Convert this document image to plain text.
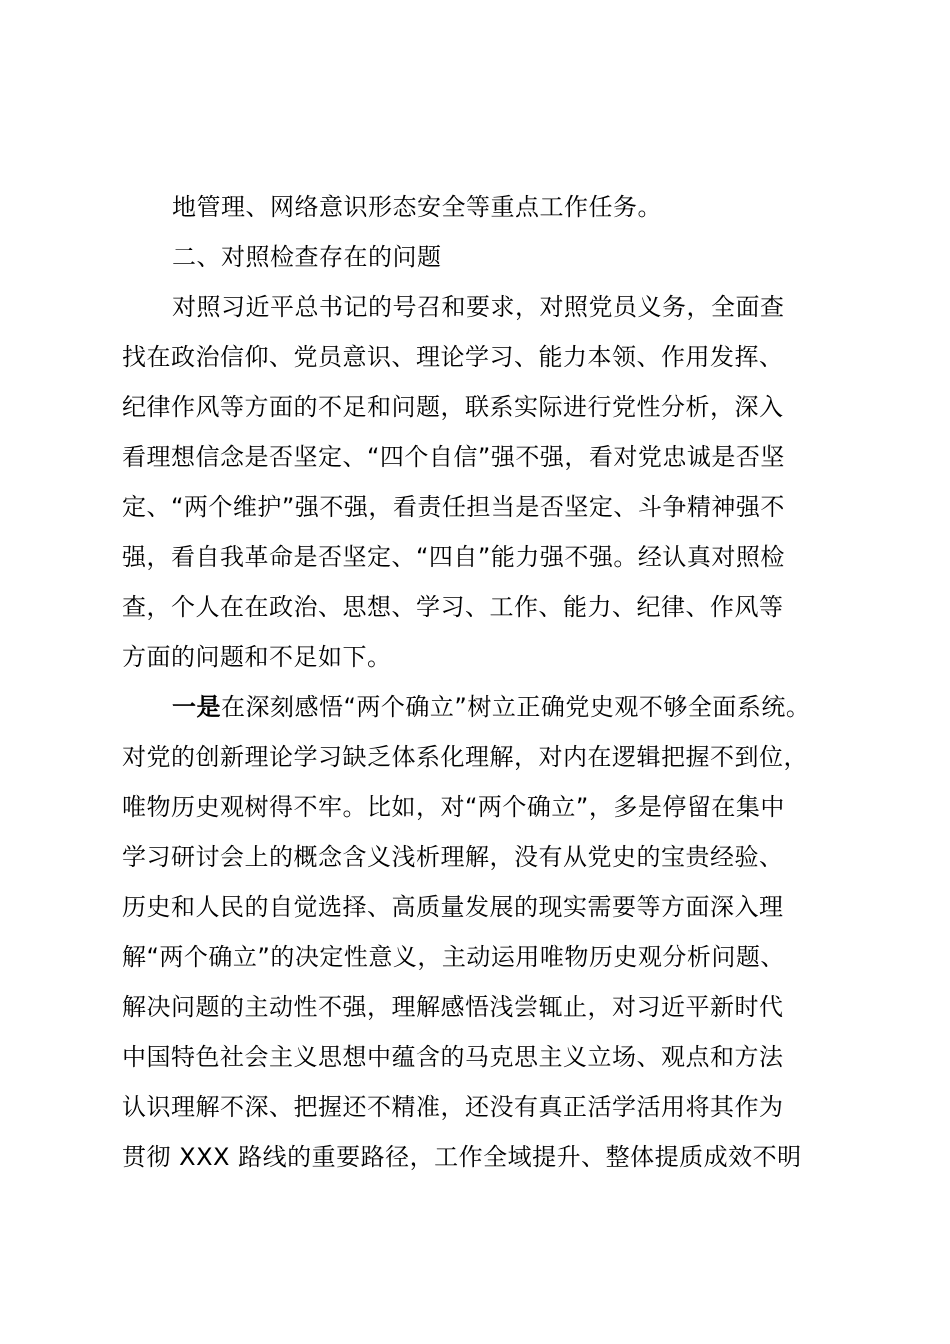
地管理、网络意识形态安全等重点工作任务。
二、对照检查存在的问题
对照习近平总书记的号召和要求，对照党员义务，全面查
找在政治信仰、党员意识、理论学习、能力本领、作用发挥、
纪律作风等方面的不足和问题，联系实际进行党性分析，深入
看理想信念是否坚定、“四个自信”强不强，看对党忠诚是否坚
定、“两个维护”强不强，看责任担当是否坚定、斗争精神强不
强，看自我革命是否坚定、“四自”能力强不强。经认真对照检
查，个人在在政治、思想、学习、工作、能力、纪律、作风等
方面的问题和不足如下。
一是在深刻感悟“两个确立”树立正确党史观不够全面系统。
对党的创新理论学习缺乏体系化理解，对内在逻辑把握不到位，
唯物历史观树得不牢。比如，对“两个确立”，多是停留在集中
学习研讨会上的概念含义浅析理解，没有从党史的宝贵经验、
历史和人民的自觉选择、高质量发展的现实需要等方面深入理
解“两个确立”的决定性意义，主动运用唯物历史观分析问题、
解决问题的主动性不强，理解感悟浅尝辄止，对习近平新时代
中国特色社会主义思想中蕴含的马克思主义立场、观点和方法
认识理解不深、把握还不精准，还没有真正活学活用将其作为
贯彻 XXX 路线的重要路径，工作全域提升、整体提质成效不明
